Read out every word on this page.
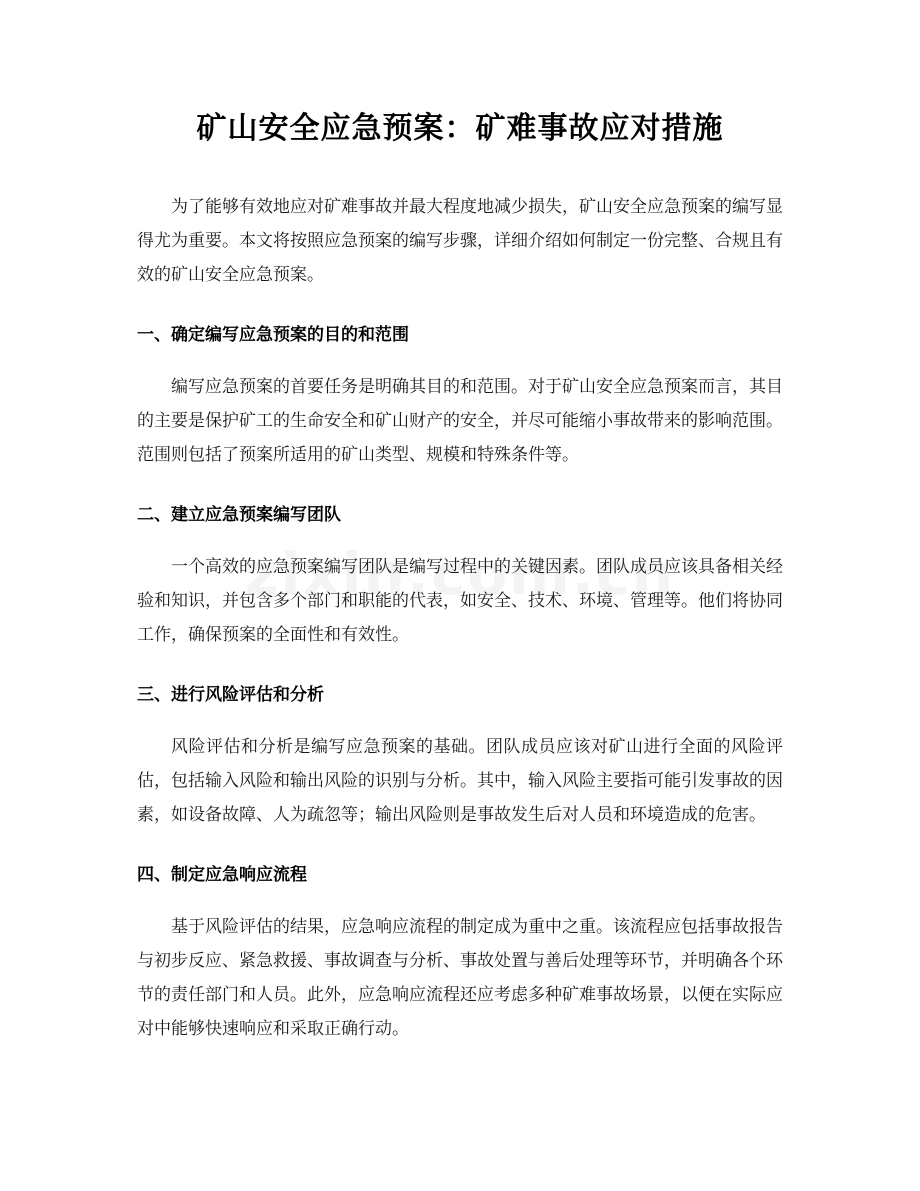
矿山安全应急预案：矿难事故应对措施

为了能够有效地应对矿难事故并最大程度地减少损失，矿山安全应急预案的编写显得尤为重要。本文将按照应急预案的编写步骤，详细介绍如何制定一份完整、合规且有效的矿山安全应急预案。

一、确定编写应急预案的目的和范围

编写应急预案的首要任务是明确其目的和范围。对于矿山安全应急预案而言，其目的主要是保护矿工的生命安全和矿山财产的安全，并尽可能缩小事故带来的影响范围。范围则包括了预案所适用的矿山类型、规模和特殊条件等。

二、建立应急预案编写团队

一个高效的应急预案编写团队是编写过程中的关键因素。团队成员应该具备相关经验和知识，并包含多个部门和职能的代表，如安全、技术、环境、管理等。他们将协同工作，确保预案的全面性和有效性。

三、进行风险评估和分析

风险评估和分析是编写应急预案的基础。团队成员应该对矿山进行全面的风险评估，包括输入风险和输出风险的识别与分析。其中，输入风险主要指可能引发事故的因素，如设备故障、人为疏忽等；输出风险则是事故发生后对人员和环境造成的危害。

四、制定应急响应流程

基于风险评估的结果，应急响应流程的制定成为重中之重。该流程应包括事故报告与初步反应、紧急救援、事故调查与分析、事故处置与善后处理等环节，并明确各个环节的责任部门和人员。此外，应急响应流程还应考虑多种矿难事故场景，以便在实际应对中能够快速响应和采取正确行动。
